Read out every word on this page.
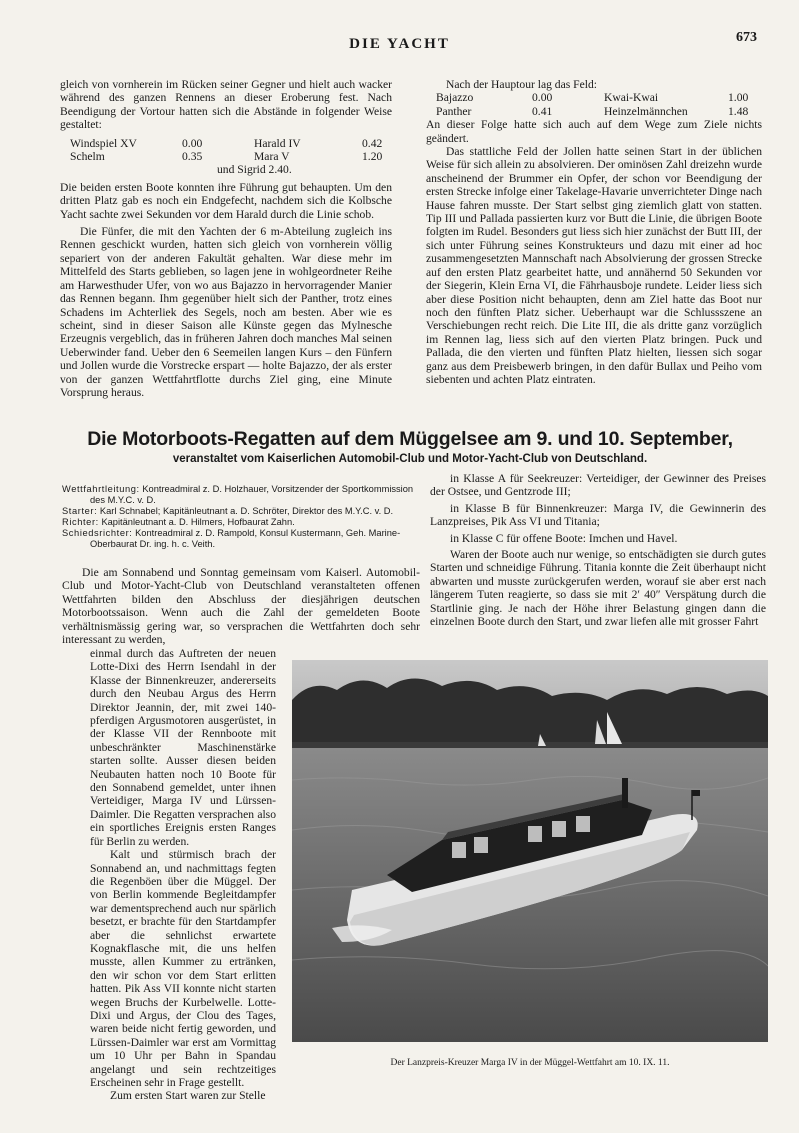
DIE YACHT	673

gleich von vornherein im Rücken seiner Gegner und hielt auch wacker während des ganzen Rennens an dieser Eroberung fest. Nach Beendigung der Vortour hatten sich die Abstände in folgender Weise gestaltet:

Windspiel XV	0.00	Harald IV	0.42
Schelm	0.35	Mara V	1.20
und Sigrid 2.40.

Die beiden ersten Boote konnten ihre Führung gut behaupten. Um den dritten Platz gab es noch ein Endgefecht, nachdem sich die Kolbsche Yacht sachte zwei Sekunden vor dem Harald durch die Linie schob.

Die Fünfer, die mit den Yachten der 6 m-Abteilung zugleich ins Rennen geschickt wurden, hatten sich gleich von vornherein völlig separiert von der anderen Fakultät gehalten. War diese mehr im Mittelfeld des Starts geblieben, so lagen jene in wohlgeordneter Reihe am Harwesthuder Ufer, von wo aus Bajazzo in hervorragender Manier das Rennen begann. Ihm gegenüber hielt sich der Panther, trotz eines Schadens im Achterliek des Segels, noch am besten. Aber wie es scheint, sind in dieser Saison alle Künste gegen das Mylnesche Erzeugnis vergeblich, das in früheren Jahren doch manches Mal seinen Ueberwinder fand. Ueber den 6 Seemeilen langen Kurs – den Fünfern und Jollen wurde die Vorstrecke erspart — holte Bajazzo, der als erster von der ganzen Wettfahrtflotte durchs Ziel ging, eine Minute Vorsprung heraus.

Nach der Hauptour lag das Feld:

Bajazzo	0.00	Kwai-Kwai	1.00
Panther	0.41	Heinzelmännchen	1.48

An dieser Folge hatte sich auch auf dem Wege zum Ziele nichts geändert.

Das stattliche Feld der Jollen hatte seinen Start in der üblichen Weise für sich allein zu absolvieren. Der ominösen Zahl dreizehn wurde anscheinend der Brummer ein Opfer, der schon vor Beendigung der ersten Strecke infolge einer Takelage-Havarie unverrichteter Dinge nach Hause fahren musste. Der Start selbst ging ziemlich glatt von statten. Tip III und Pallada passierten kurz vor Butt die Linie, die übrigen Boote folgten im Rudel. Besonders gut liess sich hier zunächst der Butt III, der sich unter Führung seines Konstrukteurs und dazu mit einer ad hoc zusammengesetzten Mannschaft nach Absolvierung der grossen Strecke auf den ersten Platz gearbeitet hatte, und annähernd 50 Sekunden vor der Siegerin, Klein Erna VI, die Fährhausboje rundete. Leider liess sich aber diese Position nicht behaupten, denn am Ziel hatte das Boot nur noch den fünften Platz sicher. Ueberhaupt war die Schlussszene an Verschiebungen recht reich. Die Lite III, die als dritte ganz vorzüglich im Rennen lag, liess sich auf den vierten Platz bringen. Puck und Pallada, die den vierten und fünften Platz hielten, liessen sich sogar ganz aus dem Preisbewerb bringen, in den dafür Bullax und Peiho vom siebenten und achten Platz eintraten.

Die Motorboots-Regatten auf dem Müggelsee am 9. und 10. September,
veranstaltet vom Kaiserlichen Automobil-Club und Motor-Yacht-Club von Deutschland.
Wettfahrtleitung: Kontreadmiral z. D. Holzhauer, Vorsitzender der Sportkommission des M.Y.C. v. D.
Starter: Karl Schnabel; Kapitänleutnant a. D. Schröter, Direktor des M.Y.C. v. D.
Richter: Kapitänleutnant a. D. Hilmers, Hofbaurat Zahn.
Schiedsrichter: Kontreadmiral z. D. Rampold, Konsul Kustermann, Geh. Marine-Oberbaurat Dr. ing. h. c. Veith.

Die am Sonnabend und Sonntag gemeinsam vom Kaiserl. Automobil-Club und Motor-Yacht-Club von Deutschland veranstalteten offenen Wettfahrten bilden den Abschluss der diesjährigen deutschen Motorbootssaison. Wenn auch die Zahl der gemeldeten Boote verhältnismässig gering war, so versprachen die Wettfahrten doch sehr interessant zu werden,

einmal durch das Auftreten der neuen Lotte-Dixi des Herrn Isendahl in der Klasse der Binnenkreuzer, andererseits durch den Neubau Argus des Herrn Direktor Jeannin, der, mit zwei 140-pferdigen Argusmotoren ausgerüstet, in der Klasse VII der Rennboote mit unbeschränkter Maschinenstärke starten sollte. Ausser diesen beiden Neubauten hatten noch 10 Boote für den Sonnabend gemeldet, unter ihnen Verteidiger, Marga IV und Lürssen-Daimler. Die Regatten versprachen also ein sportliches Ereignis ersten Ranges für Berlin zu werden.

Kalt und stürmisch brach der Sonnabend an, und nachmittags fegten die Regenböen über die Müggel. Der von Berlin kommende Begleitdampfer war dementsprechend auch nur spärlich besetzt, er brachte für den Startdampfer aber die sehnlichst erwartete Kognakflasche mit, die uns helfen musste, allen Kummer zu ertränken, den wir schon vor dem Start erlitten hatten. Pik Ass VII konnte nicht starten wegen Bruchs der Kurbelwelle. Lotte-Dixi und Argus, der Clou des Tages, waren beide nicht fertig geworden, und Lürssen-Daimler war erst am Vormittag um 10 Uhr per Bahn in Spandau angelangt und sein rechtzeitiges Erscheinen sehr in Frage gestellt.

Zum ersten Start waren zur Stelle

in Klasse A für Seekreuzer: Verteidiger, der Gewinner des Preises der Ostsee, und Gentzrode III;

in Klasse B für Binnenkreuzer: Marga IV, die Gewinnerin des Lanzpreises, Pik Ass VI und Titania;

in Klasse C für offene Boote: Imchen und Havel.

Waren der Boote auch nur wenige, so entschädigten sie durch gutes Starten und schneidige Führung. Titania konnte die Zeit überhaupt nicht abwarten und musste zurückgerufen werden, worauf sie aber erst nach längerem Tuten reagierte, so dass sie mit 2′ 40″ Verspätung durch die Startlinie ging. Je nach der Höhe ihrer Belastung gingen dann die einzelnen Boote durch den Start, und zwar liefen alle mit grosser Fahrt

Der Lanzpreis-Kreuzer Marga IV in der Müggel-Wettfahrt am 10. IX. 11.
